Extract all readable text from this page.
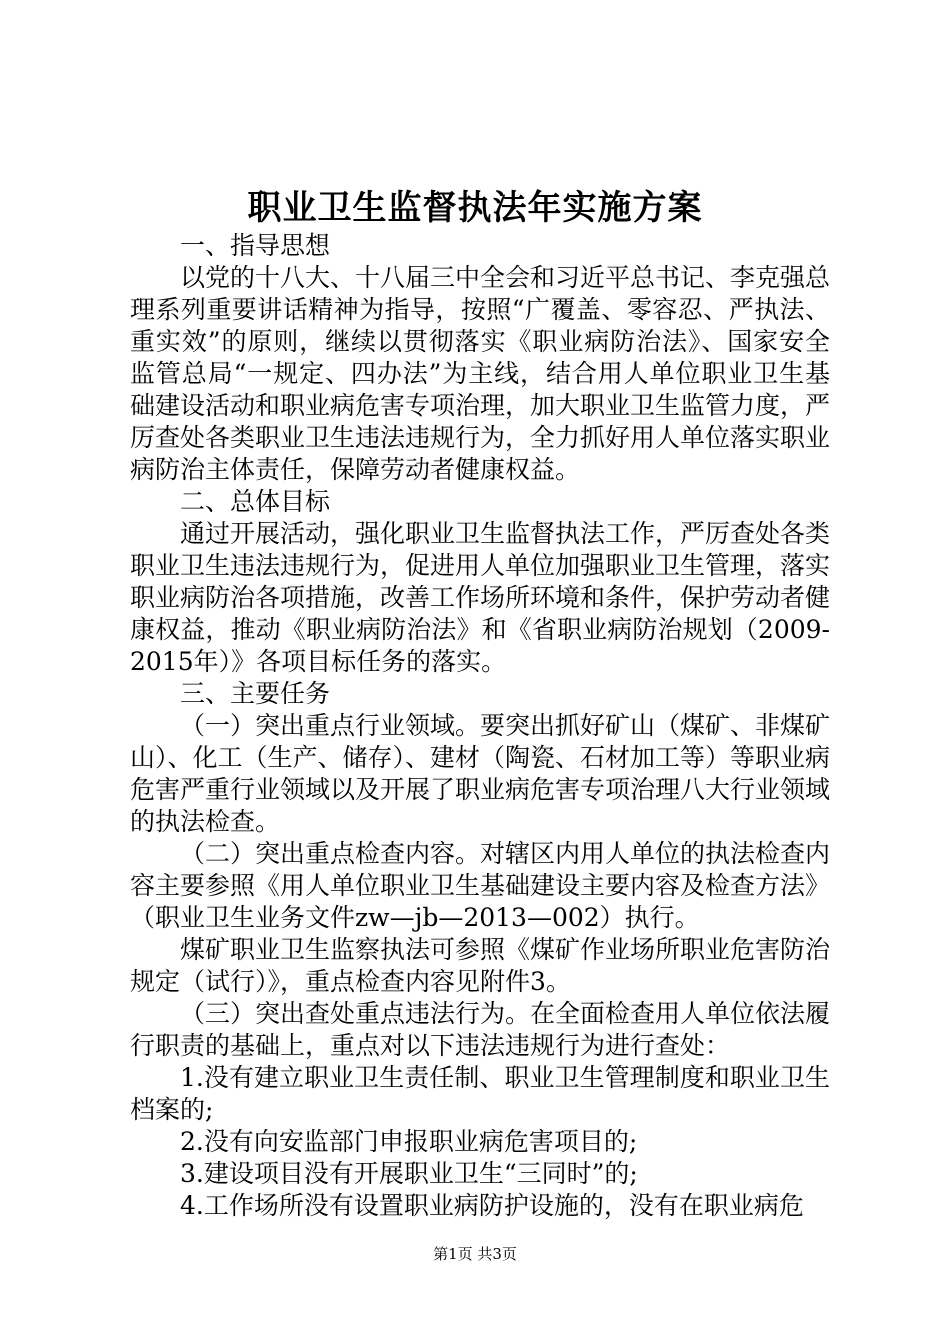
职业卫生监督执法年实施方案

一、指导思想

以党的十八大、十八届三中全会和习近平总书记、李克强总理系列重要讲话精神为指导，按照“广覆盖、零容忍、严执法、重实效”的原则，继续以贯彻落实《职业病防治法》、国家安全监管总局“一规定、四办法”为主线，结合用人单位职业卫生基础建设活动和职业病危害专项治理，加大职业卫生监管力度，严厉查处各类职业卫生违法违规行为，全力抓好用人单位落实职业病防治主体责任，保障劳动者健康权益。

二、总体目标

通过开展活动，强化职业卫生监督执法工作，严厉查处各类职业卫生违法违规行为，促进用人单位加强职业卫生管理，落实职业病防治各项措施，改善工作场所环境和条件，保护劳动者健康权益，推动《职业病防治法》和《省职业病防治规划（2009-2015年）》各项目标任务的落实。

三、主要任务

（一）突出重点行业领域。要突出抓好矿山（煤矿、非煤矿山）、化工（生产、储存）、建材（陶瓷、石材加工等）等职业病危害严重行业领域以及开展了职业病危害专项治理八大行业领域的执法检查。

（二）突出重点检查内容。对辖区内用人单位的执法检查内容主要参照《用人单位职业卫生基础建设主要内容及检查方法》（职业卫生业务文件zw—jb—2013—002）执行。

煤矿职业卫生监察执法可参照《煤矿作业场所职业危害防治规定（试行）》，重点检查内容见附件3。

（三）突出查处重点违法行为。在全面检查用人单位依法履行职责的基础上，重点对以下违法违规行为进行查处：

1.没有建立职业卫生责任制、职业卫生管理制度和职业卫生档案的;

2.没有向安监部门申报职业病危害项目的;

3.建设项目没有开展职业卫生“三同时”的;

4.工作场所没有设置职业病防护设施的，没有在职业病危

第1页 共3页
